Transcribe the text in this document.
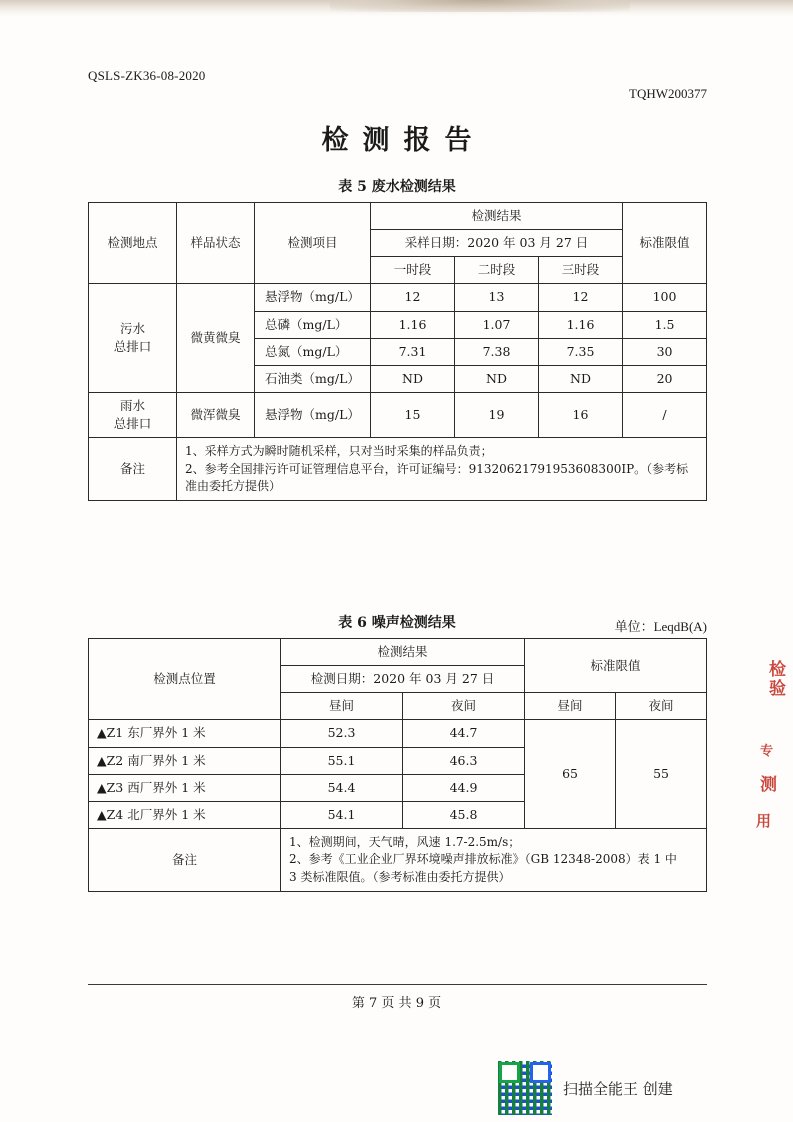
QSLS-ZK36-08-2020
TQHW200377
检测报告
表 5 废水检测结果
检测地点	样品状态	检测项目	检测结果			标准限值
			采样日期：2020 年 03 月 27 日			
			一时段	二时段	三时段	
污水
总排口	微黄微臭	悬浮物（mg/L）	12	13	12	100
		总磷（mg/L）	1.16	1.07	1.16	1.5
		总氮（mg/L）	7.31	7.38	7.35	30
		石油类（mg/L）	ND	ND	ND	20
雨水
总排口	微浑微臭	悬浮物（mg/L）	15	19	16	/
备注	1、采样方式为瞬时随机采样，只对当时采集的样品负责；
2、参考全国排污许可证管理信息平台，许可证编号：91320621791953608300IP。（参考标
准由委托方提供）					
表 6 噪声检测结果
检测点位置	检测结果		标准限值	
	检测日期：2020 年 03 月 27 日			
	昼间	夜间	昼间	夜间
▲Z1 东厂界外 1 米	52.3	44.7	65	55
▲Z2 南厂界外 1 米	55.1	46.3		
▲Z3 西厂界外 1 米	54.4	44.9		
▲Z4 北厂界外 1 米	54.1	45.8		
备注	1、检测期间，天气晴，风速 1.7-2.5m/s；
2、参考《工业企业厂界环境噪声排放标准》（GB 12348-2008）表 1 中
3 类标准限值。（参考标准由委托方提供）			
单位：LeqdB(A)
第 7 页 共 9 页
检验
专
测
用
扫描全能王 创建
